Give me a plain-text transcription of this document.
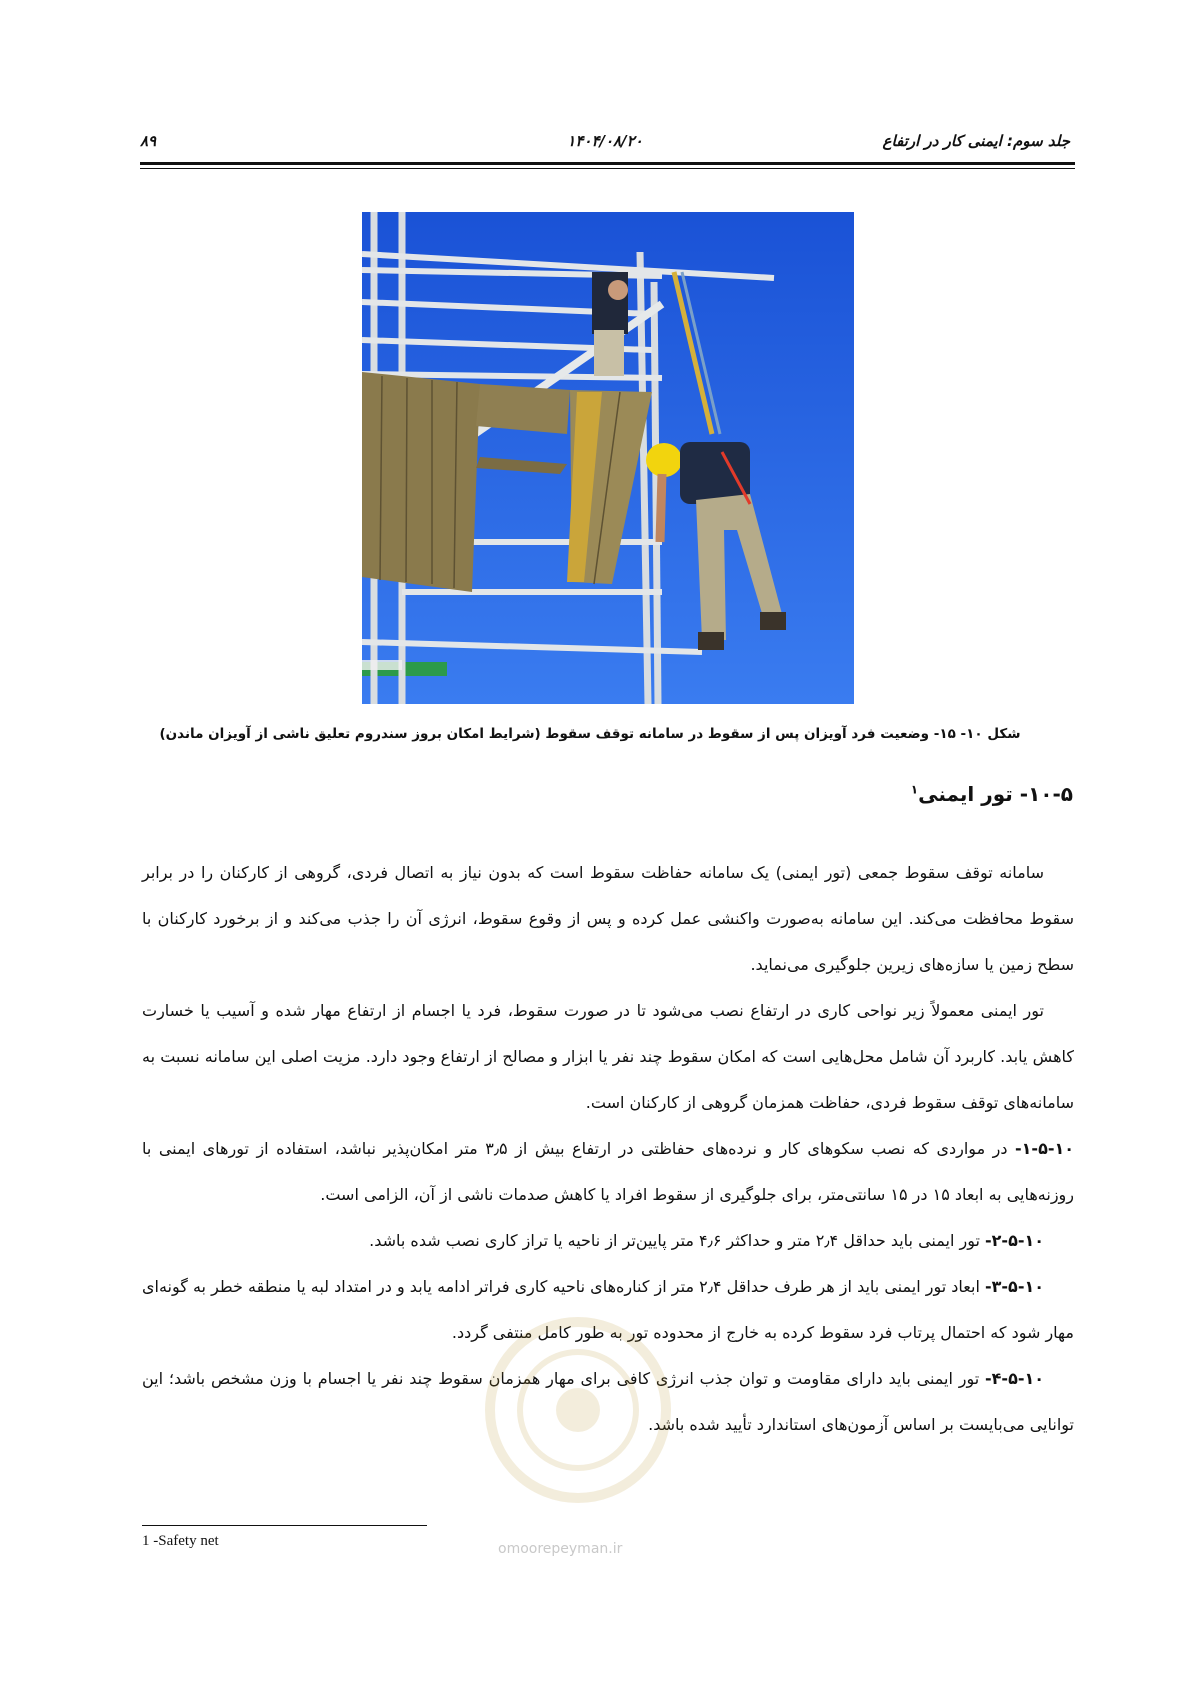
جلد سوم: ایمنی کار در ارتفاع
۱۴۰۴/۰۸/۲۰
۸۹
شکل ۱۰- ۱۵- وضعیت فرد آویزان پس از سقوط در سامانه توقف سقوط (شرایط امکان بروز سندروم تعلیق ناشی از آویزان ماندن)
۱۰-۵- تور ایمنی$^۱$

سامانه توقف سقوط جمعی (تور ایمنی) یک سامانه حفاظت سقوط است که بدون نیاز به اتصال فردی، گروهی از کارکنان را در برابر سقوط محافظت می‌کند. این سامانه به‌صورت واکنشی عمل کرده و پس از وقوع سقوط، انرژی آن را جذب می‌کند و از برخورد کارکنان با سطح زمین یا سازه‌های زیرین جلوگیری می‌نماید.

تور ایمنی معمولاً زیر نواحی کاری در ارتفاع نصب می‌شود تا در صورت سقوط، فرد یا اجسام از ارتفاع مهار شده و آسیب یا خسارت کاهش یابد. کاربرد آن شامل محل‌هایی است که امکان سقوط چند نفر یا ابزار و مصالح از ارتفاع وجود دارد. مزیت اصلی این سامانه نسبت به سامانه‌های توقف سقوط فردی، حفاظت همزمان گروهی از کارکنان است.

۱-۵-۱۰- در مواردی که نصب سکوهای کار و نرده‌های حفاظتی در ارتفاع بیش از ۳٫۵ متر امکان‌پذیر نباشد، استفاده از تورهای ایمنی با روزنه‌هایی به ابعاد ۱۵ در ۱۵ سانتی‌متر، برای جلوگیری از سقوط افراد یا کاهش صدمات ناشی از آن، الزامی است.

۲-۵-۱۰- تور ایمنی باید حداقل ۲٫۴ متر و حداکثر ۴٫۶ متر پایین‌تر از ناحیه یا تراز کاری نصب شده باشد.

۳-۵-۱۰- ابعاد تور ایمنی باید از هر طرف حداقل ۲٫۴ متر از کناره‌های ناحیه کاری فراتر ادامه یابد و در امتداد لبه یا منطقه خطر به گونه‌ای مهار شود که احتمال پرتاب فرد سقوط کرده به خارج از محدوده تور به طور کامل منتفی گردد.

۴-۵-۱۰- تور ایمنی باید دارای مقاومت و توان جذب انرژی کافی برای مهار همزمان سقوط چند نفر یا اجسام با وزن مشخص باشد؛ این توانایی می‌بایست بر اساس آزمون‌های استاندارد تأیید شده باشد.

omoorepeyman.ir
1 -Safety net
